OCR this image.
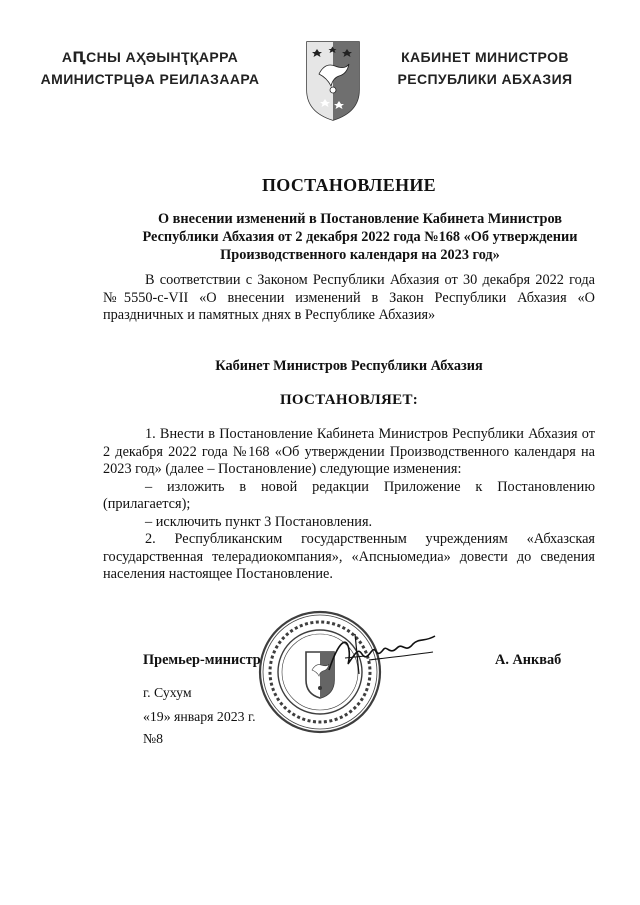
АԤСНЫ АҲӘЫНҬҚАРРА
АМИНИСТРЦӘА РЕИЛАЗААРА
КАБИНЕТ МИНИСТРОВ
РЕСПУБЛИКИ АБХАЗИЯ
ПОСТАНОВЛЕНИЕ
О внесении изменений в Постановление Кабинета Министров
Республики Абхазия от 2 декабря 2022 года №168 «Об утверждении
Производственного календаря на 2023 год»
В соответствии с Законом Республики Абхазия от 30 декабря 2022 года №5550-с-VII «О внесении изменений в Закон Республики Абхазия «О праздничных и памятных днях в Республике Абхазия»
Кабинет Министров Республики Абхазия
ПОСТАНОВЛЯЕТ:

1. Внести в Постановление Кабинета Министров Республики Абхазия от 2 декабря 2022 года №168 «Об утверждении Производственного календаря на 2023 год» (далее – Постановление) следующие изменения:

– изложить в новой редакции Приложение к Постановлению (прилагается);

– исключить пункт 3 Постановления.

2. Республиканским государственным учреждениям «Абхазская государственная телерадиокомпания», «Апсныомедиа» довести до сведения населения настоящее Постановление.

Премьер-министр	А. Анкваб
г. Сухум
«19» января 2023 г.
№8
